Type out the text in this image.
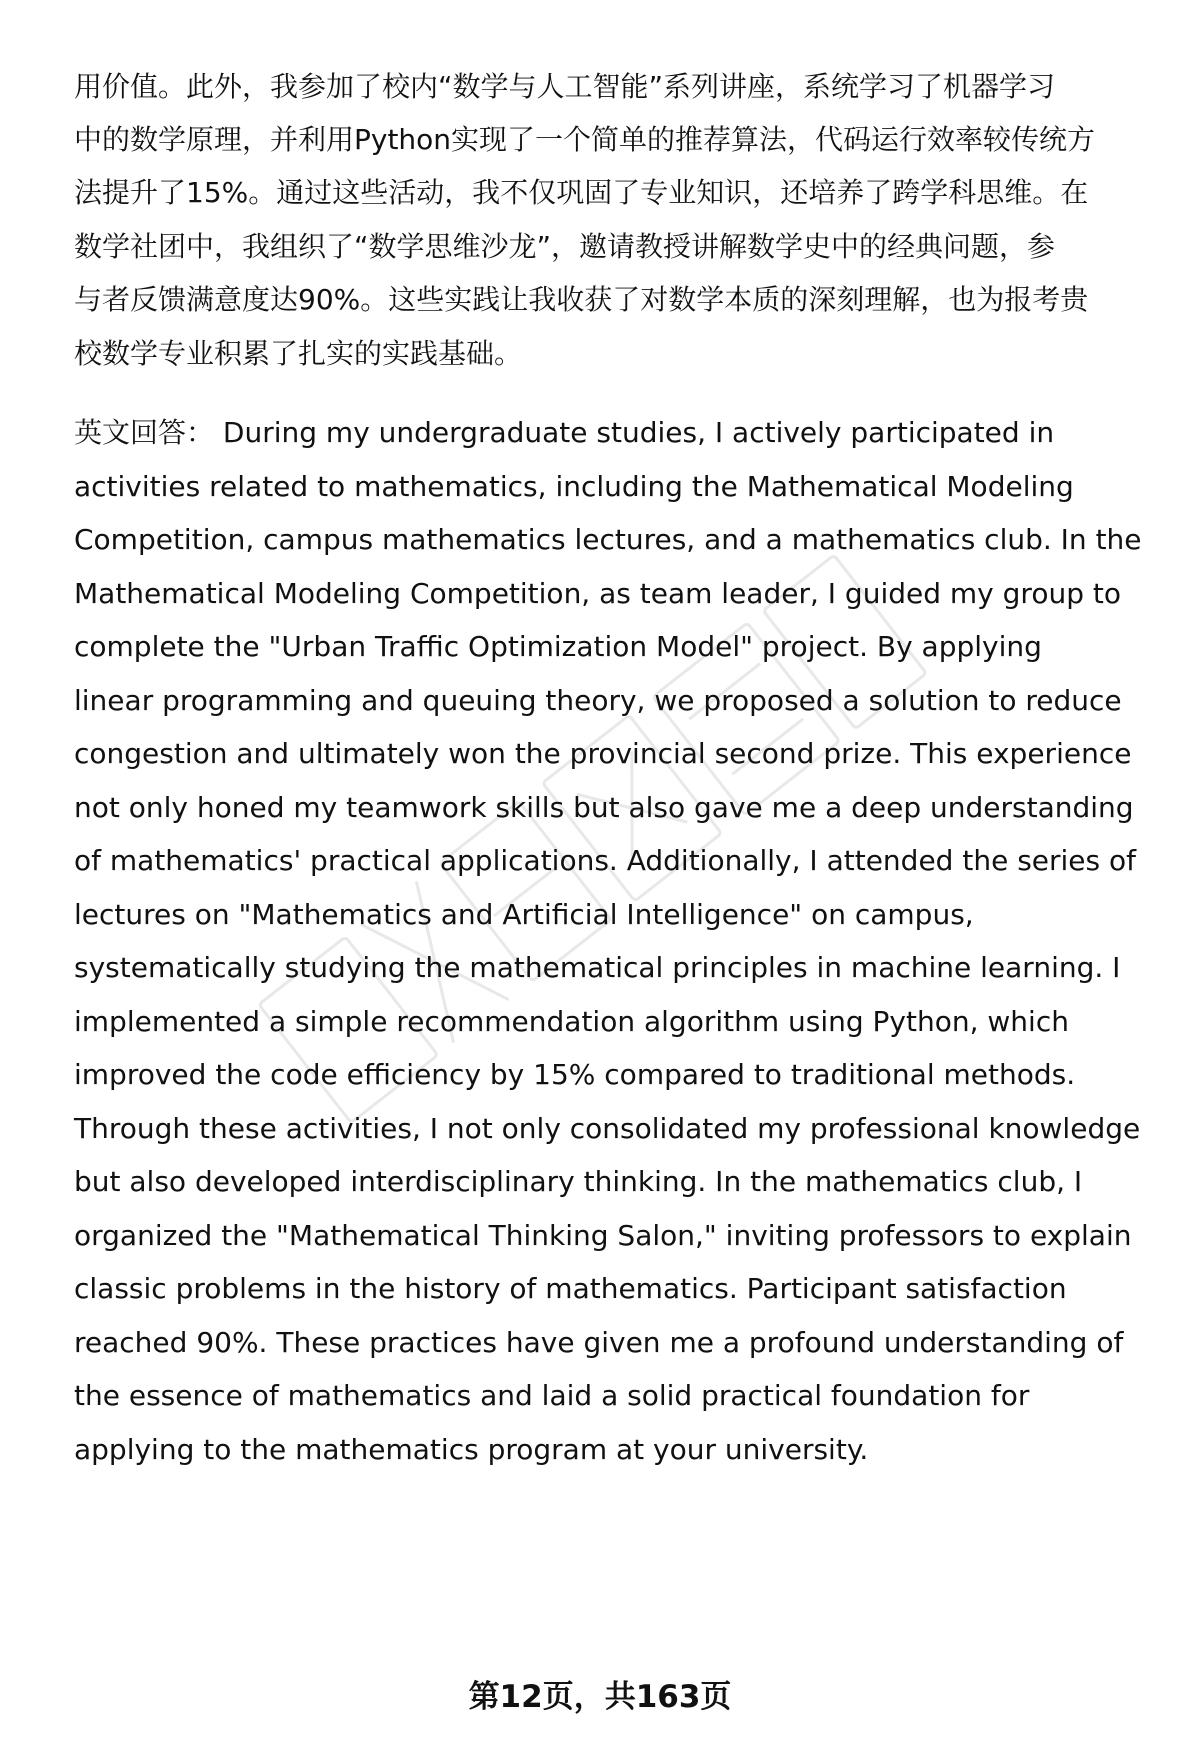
用价值。此外，我参加了校内“数学与人工智能”系列讲座，系统学习了机器学习
中的数学原理，并利用Python实现了一个简单的推荐算法，代码运行效率较传统方
法提升了15%。通过这些活动，我不仅巩固了专业知识，还培养了跨学科思维。在
数学社团中，我组织了“数学思维沙龙”，邀请教授讲解数学史中的经典问题，参
与者反馈满意度达90%。这些实践让我收获了对数学本质的深刻理解，也为报考贵
校数学专业积累了扎实的实践基础。
英文回答： During my undergraduate studies, I actively participated in
activities related to mathematics, including the Mathematical Modeling
Competition, campus mathematics lectures, and a mathematics club. In the
Mathematical Modeling Competition, as team leader, I guided my group to
complete the "Urban Traffic Optimization Model" project. By applying
linear programming and queuing theory, we proposed a solution to reduce
congestion and ultimately won the provincial second prize. This experience
not only honed my teamwork skills but also gave me a deep understanding
of mathematics' practical applications. Additionally, I attended the series of
lectures on "Mathematics and Artificial Intelligence" on campus,
systematically studying the mathematical principles in machine learning. I
implemented a simple recommendation algorithm using Python, which
improved the code efficiency by 15% compared to traditional methods.
Through these activities, I not only consolidated my professional knowledge
but also developed interdisciplinary thinking. In the mathematics club, I
organized the "Mathematical Thinking Salon," inviting professors to explain
classic problems in the history of mathematics. Participant satisfaction
reached 90%. These practices have given me a profound understanding of
the essence of mathematics and laid a solid practical foundation for
applying to the mathematics program at your university.
第12页，共163页
